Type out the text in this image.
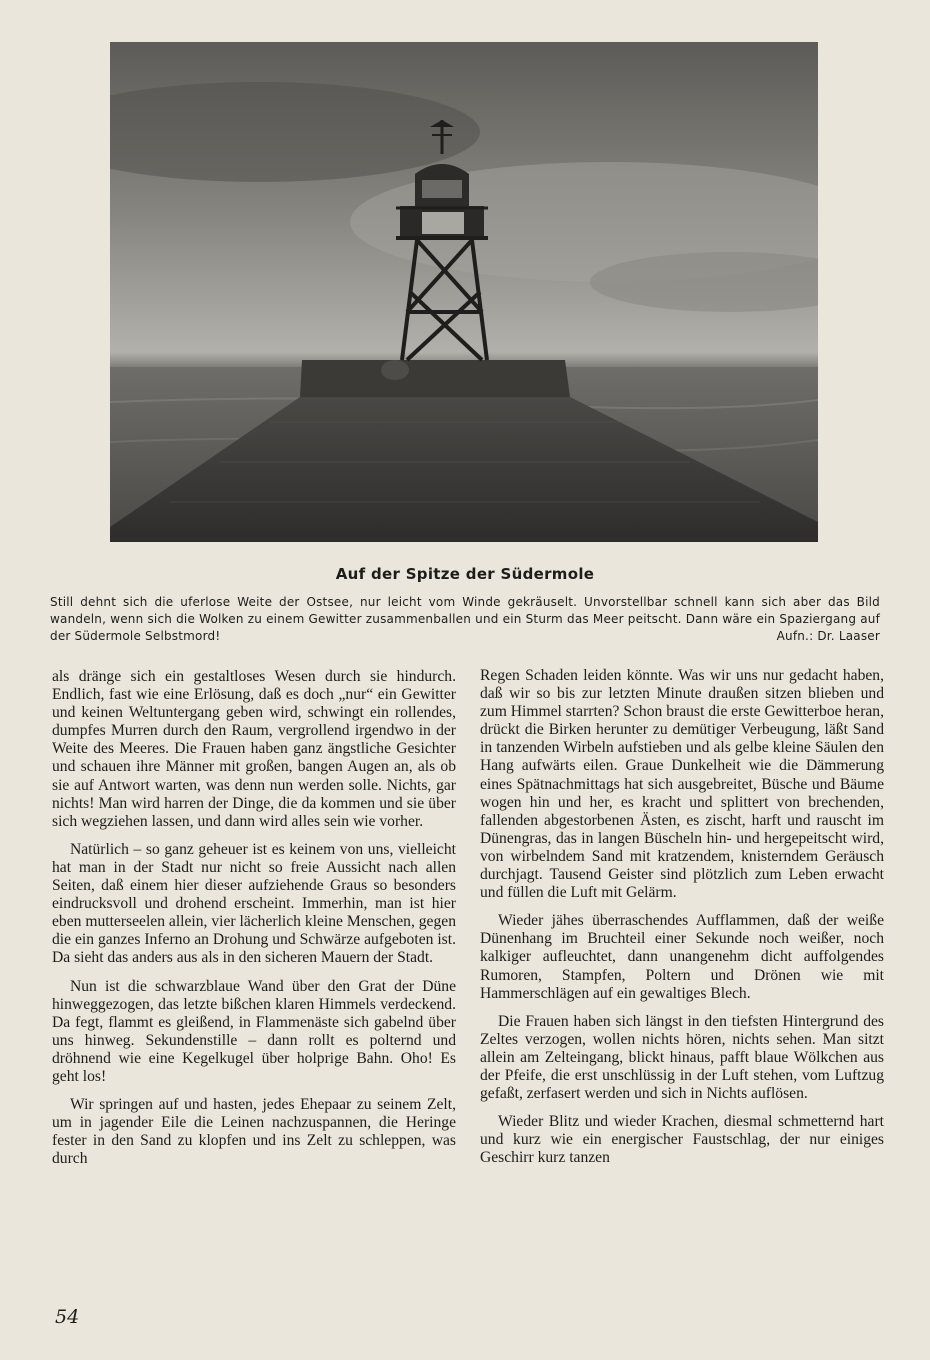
Auf der Spitze der Südermole
Still dehnt sich die uferlose Weite der Ostsee, nur leicht vom Winde gekräuselt. Unvorstellbar schnell kann sich aber das Bild wandeln, wenn sich die Wolken zu einem Gewitter zusammenballen und ein Sturm das Meer peitscht. Dann wäre ein Spaziergang auf der Südermole Selbstmord!	Aufn.: Dr. Laaser

als dränge sich ein gestaltloses Wesen durch sie hindurch. Endlich, fast wie eine Erlösung, daß es doch „nur“ ein Gewitter und keinen Weltuntergang geben wird, schwingt ein rollendes, dumpfes Murren durch den Raum, vergrollend irgendwo in der Weite des Meeres. Die Frauen haben ganz ängstliche Gesichter und schauen ihre Männer mit großen, bangen Augen an, als ob sie auf Antwort warten, was denn nun werden solle. Nichts, gar nichts! Man wird harren der Dinge, die da kommen und sie über sich wegziehen lassen, und dann wird alles sein wie vorher.

Natürlich – so ganz geheuer ist es keinem von uns, vielleicht hat man in der Stadt nur nicht so freie Aussicht nach allen Seiten, daß einem hier dieser aufziehende Graus so besonders eindrucksvoll und drohend erscheint. Immerhin, man ist hier eben mutterseelen allein, vier lächerlich kleine Menschen, gegen die ein ganzes Inferno an Drohung und Schwärze aufgeboten ist. Da sieht das anders aus als in den sicheren Mauern der Stadt.

Nun ist die schwarzblaue Wand über den Grat der Düne hinweggezogen, das letzte bißchen klaren Himmels verdeckend. Da fegt, flammt es gleißend, in Flammenäste sich gabelnd über uns hinweg. Sekundenstille – dann rollt es polternd und dröhnend wie eine Kegelkugel über holprige Bahn. Oho! Es geht los!

Wir springen auf und hasten, jedes Ehepaar zu seinem Zelt, um in jagender Eile die Leinen nachzuspannen, die Heringe fester in den Sand zu klopfen und ins Zelt zu schleppen, was durch

Regen Schaden leiden könnte. Was wir uns nur gedacht haben, daß wir so bis zur letzten Minute draußen sitzen blieben und zum Himmel starrten? Schon braust die erste Gewitterboe heran, drückt die Birken herunter zu demütiger Verbeugung, läßt Sand in tanzenden Wirbeln aufstieben und als gelbe kleine Säulen den Hang aufwärts eilen. Graue Dunkelheit wie die Dämmerung eines Spätnachmittags hat sich ausgebreitet, Büsche und Bäume wogen hin und her, es kracht und splittert von brechenden, fallenden abgestorbenen Ästen, es zischt, harft und rauscht im Dünengras, das in langen Büscheln hin- und hergepeitscht wird, von wirbelndem Sand mit kratzendem, knisterndem Geräusch durchjagt. Tausend Geister sind plötzlich zum Leben erwacht und füllen die Luft mit Gelärm.

Wieder jähes überraschendes Aufflammen, daß der weiße Dünenhang im Bruchteil einer Sekunde noch weißer, noch kalkiger aufleuchtet, dann unangenehm dicht auffolgendes Rumoren, Stampfen, Poltern und Drönen wie mit Hammerschlägen auf ein gewaltiges Blech.

Die Frauen haben sich längst in den tiefsten Hintergrund des Zeltes verzogen, wollen nichts hören, nichts sehen. Man sitzt allein am Zelteingang, blickt hinaus, pafft blaue Wölkchen aus der Pfeife, die erst unschlüssig in der Luft stehen, vom Luftzug gefaßt, zerfasert werden und sich in Nichts auflösen.

Wieder Blitz und wieder Krachen, diesmal schmetternd hart und kurz wie ein energischer Faustschlag, der nur einiges Geschirr kurz tanzen

54
